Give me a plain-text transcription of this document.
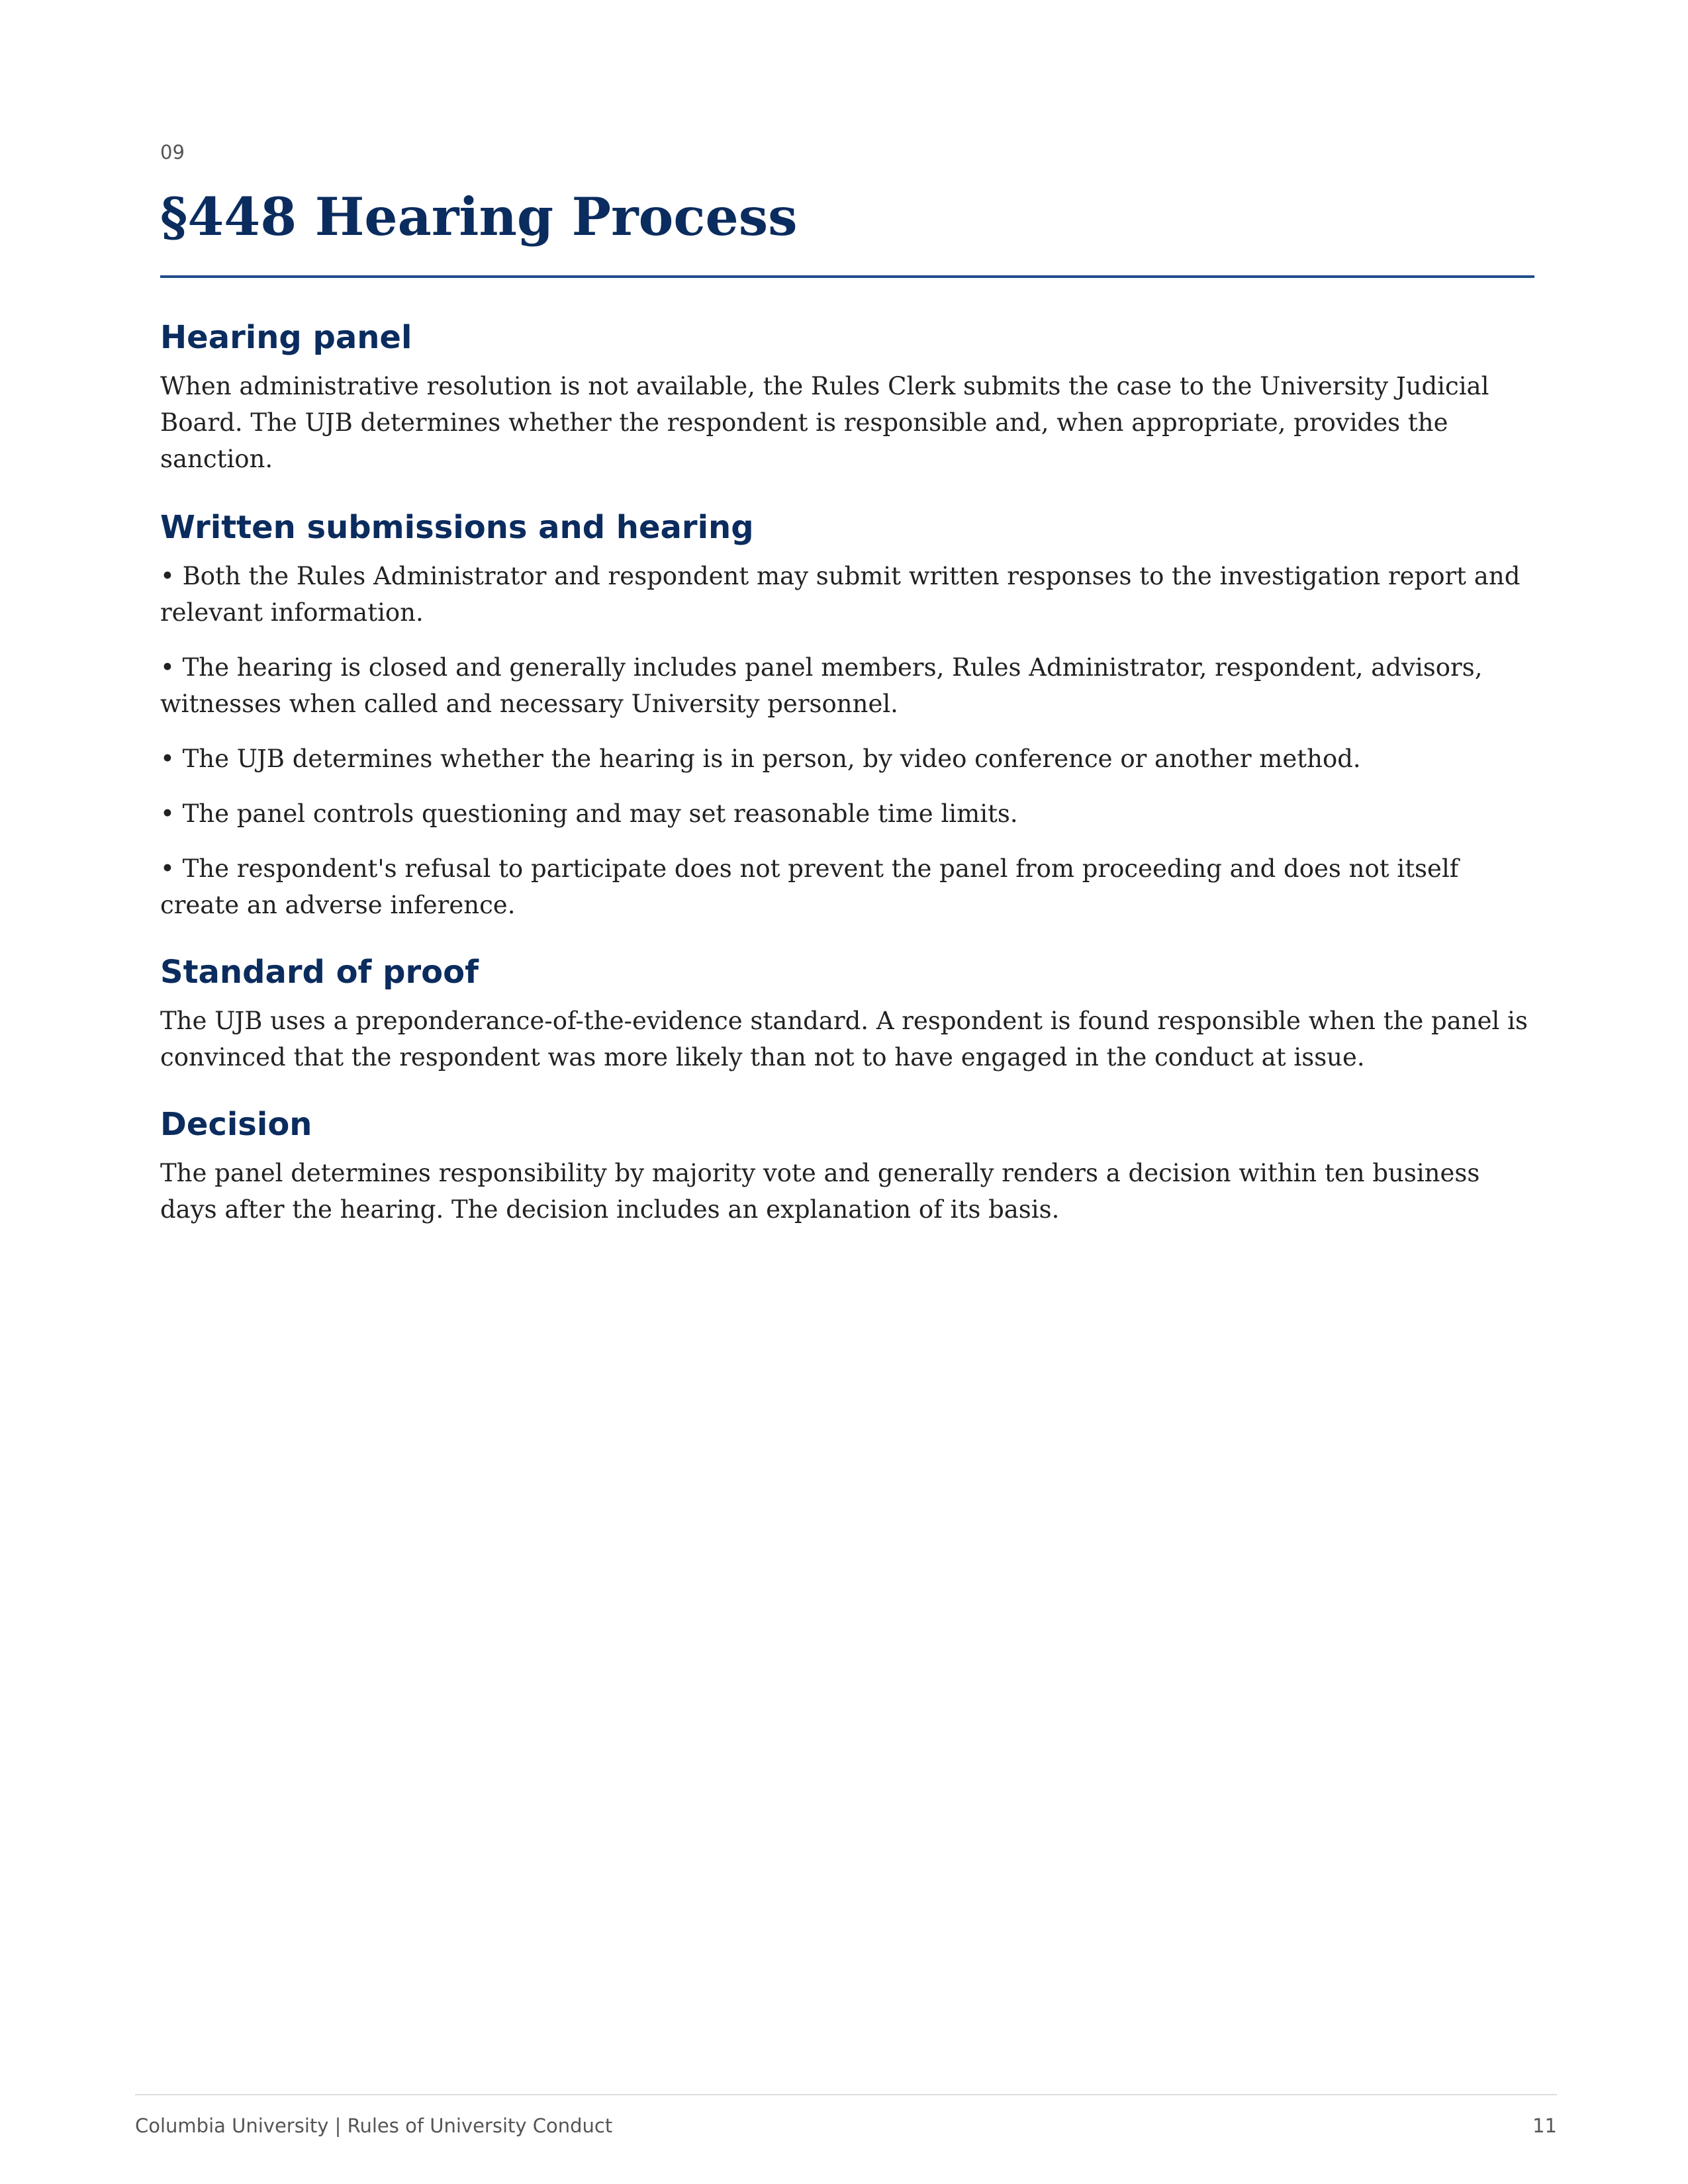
09

§448 Hearing Process
Hearing panel

When administrative resolution is not available, the Rules Clerk submits the case to the University Judicial Board. The UJB determines whether the respondent is responsible and, when appropriate, provides the sanction.

Written submissions and hearing

• Both the Rules Administrator and respondent may submit written responses to the investigation report and relevant information.

• The hearing is closed and generally includes panel members, Rules Administrator, respondent, advisors, witnesses when called and necessary University personnel.

• The UJB determines whether the hearing is in person, by video conference or another method.

• The panel controls questioning and may set reasonable time limits.

• The respondent's refusal to participate does not prevent the panel from proceeding and does not itself create an adverse inference.

Standard of proof

The UJB uses a preponderance-of-the-evidence standard. A respondent is found responsible when the panel is convinced that the respondent was more likely than not to have engaged in the conduct at issue.

Decision

The panel determines responsibility by majority vote and generally renders a decision within ten business days after the hearing. The decision includes an explanation of its basis.

Columbia University | Rules of University Conduct	11
